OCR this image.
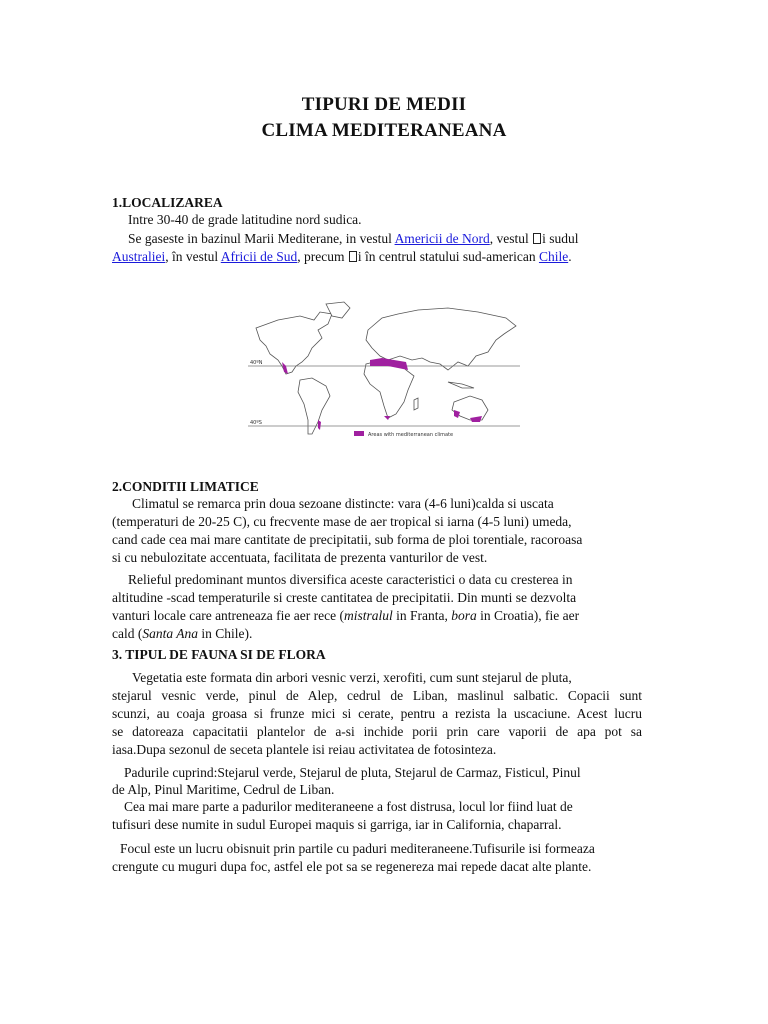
TIPURI DE MEDII
CLIMA MEDITERANEANA
1.LOCALIZAREA
Intre 30-40 de grade latitudine nord sudica.
Se gaseste in bazinul Marii Mediterane, in vestul Americii de Nord, vestul i sudul
Australiei, în vestul Africii de Sud, precum i în centrul statului sud-american Chile.
40ºN
40ºS
Areas with mediterranean climate
2.CONDITII LIMATICE
Climatul se remarca prin doua sezoane distincte: vara (4-6 luni)calda si uscata
(temperaturi de 20-25 C), cu frecvente mase de aer tropical si iarna (4-5 luni) umeda,
cand cade cea mai mare cantitate de precipitatii, sub forma de ploi torentiale, racoroasa
si cu nebulozitate accentuata, facilitata de prezenta vanturilor de vest.
Relieful predominant muntos diversifica aceste caracteristici o data cu cresterea in
altitudine -scad temperaturile si creste cantitatea de precipitatii. Din munti se dezvolta
vanturi locale care antreneaza fie aer rece (mistralul in Franta, bora in Croatia), fie aer
cald (Santa Ana in Chile).
3. TIPUL DE FAUNA SI DE FLORA
Vegetatia este formata din arbori vesnic verzi, xerofiti, cum sunt stejarul de pluta,
stejarul vesnic verde, pinul de Alep, cedrul de Liban, maslinul salbatic. Copacii sunt
scunzi, au coaja groasa si frunze mici si cerate, pentru a rezista la uscaciune. Acest lucru
se datoreaza capacitatii plantelor de a-si inchide porii prin care vaporii de apa pot sa
iasa.Dupa sezonul de seceta plantele isi reiau activitatea de fotosinteza.
Padurile cuprind:Stejarul verde, Stejarul de pluta, Stejarul de Carmaz, Fisticul, Pinul
de Alp, Pinul Maritime, Cedrul de Liban.
Cea mai mare parte a padurilor mediteraneene a fost distrusa, locul lor fiind luat de
tufisuri dese numite in sudul Europei maquis si garriga, iar in California, chaparral.
Focul este un lucru obisnuit prin partile cu paduri mediteraneene.Tufisurile isi formeaza
crengute cu muguri dupa foc, astfel ele pot sa se regenereza mai repede dacat alte plante.
